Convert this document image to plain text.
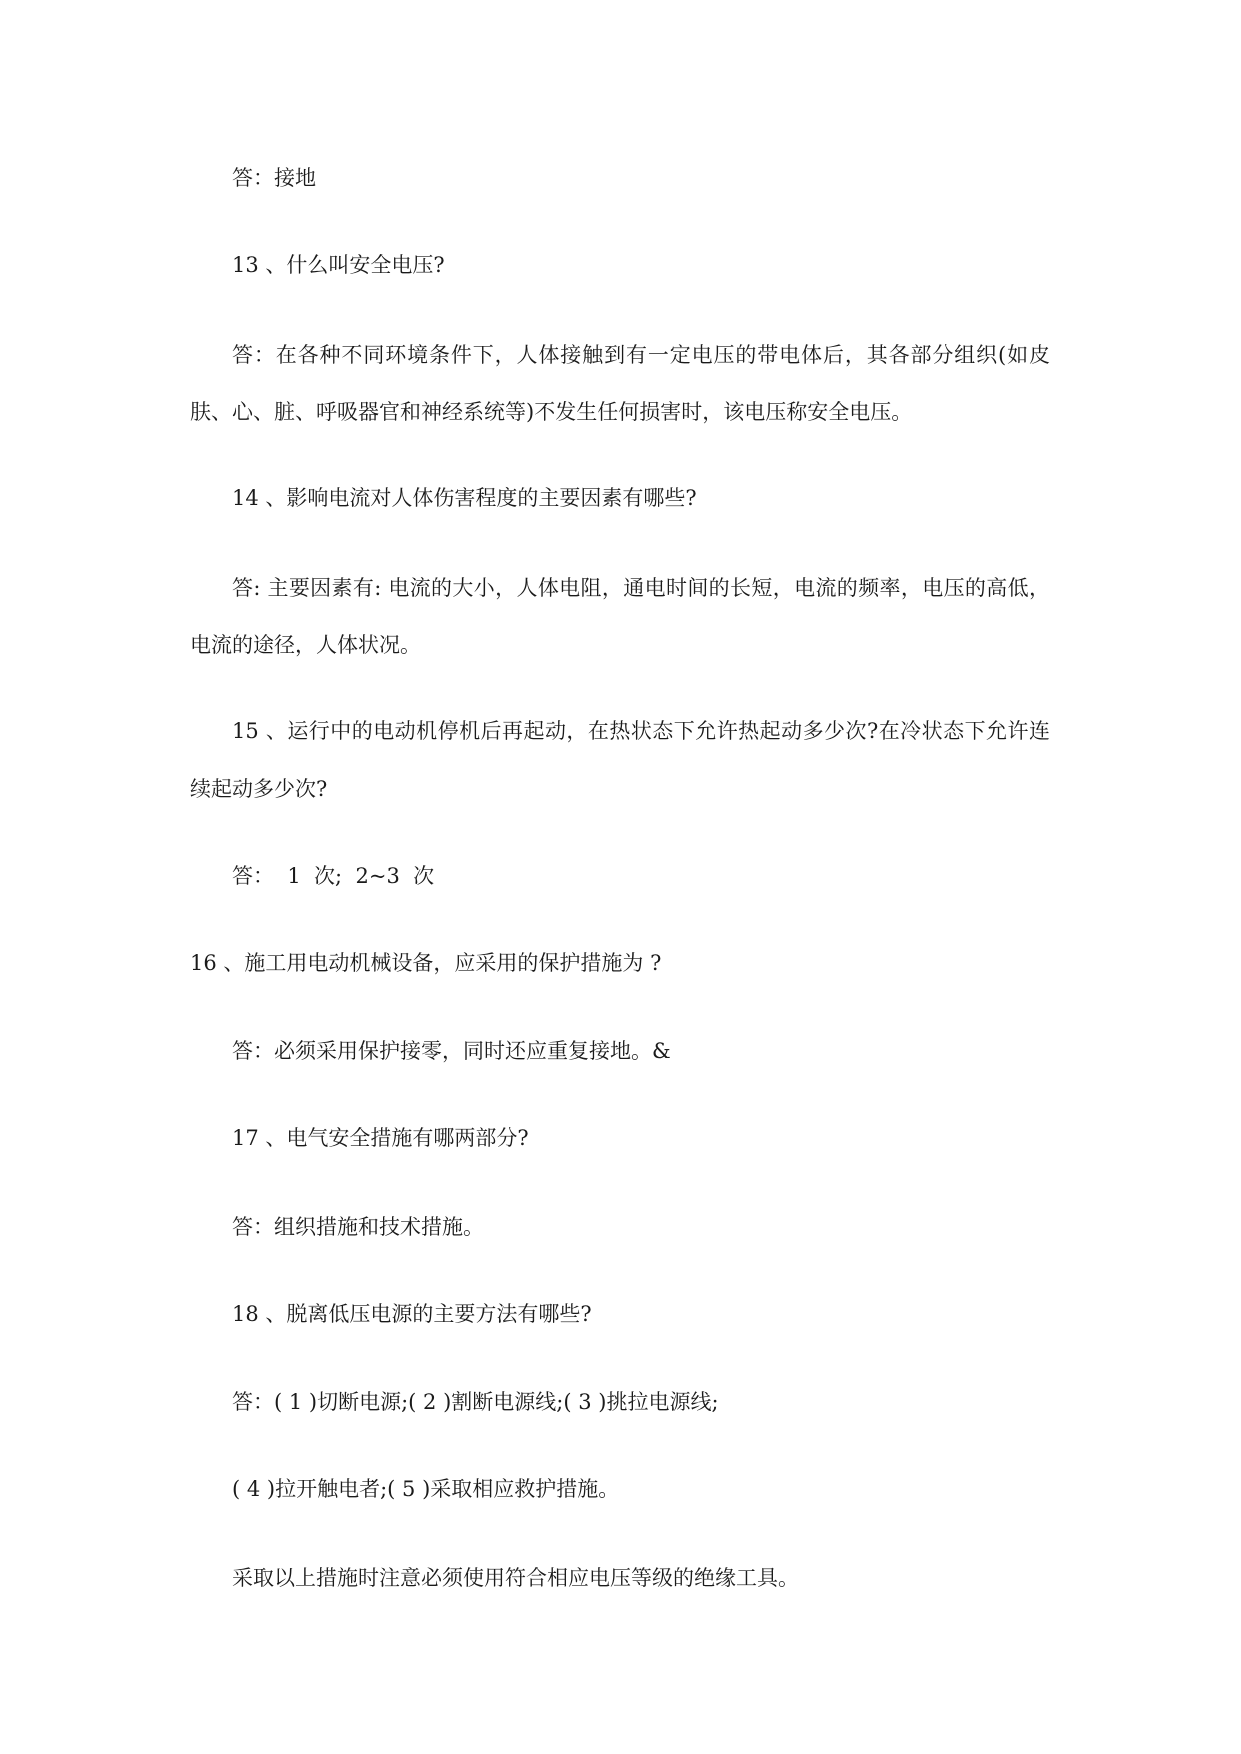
答：接地
13 、什么叫安全电压?
答：在各种不同环境条件下，人体接触到有一定电压的带电体后，其各部分组织(如皮
肤、心、脏、呼吸器官和神经系统等)不发生任何损害时，该电压称安全电压。
14 、影响电流对人体伤害程度的主要因素有哪些?
答: 主要因素有: 电流的大小，人体电阻，通电时间的长短，电流的频率，电压的高低，
电流的途径，人体状况。
15 、运行中的电动机停机后再起动，在热状态下允许热起动多少次?在冷状态下允许连
续起动多少次?
答：  1  次;  2~3  次
16 、施工用电动机械设备，应采用的保护措施为 ?
答：必须采用保护接零，同时还应重复接地。&
17 、电气安全措施有哪两部分?
答：组织措施和技术措施。
18 、脱离低压电源的主要方法有哪些?
答：( 1 )切断电源;( 2 )割断电源线;( 3 )挑拉电源线;
( 4 )拉开触电者;( 5 )采取相应救护措施。
采取以上措施时注意必须使用符合相应电压等级的绝缘工具。
